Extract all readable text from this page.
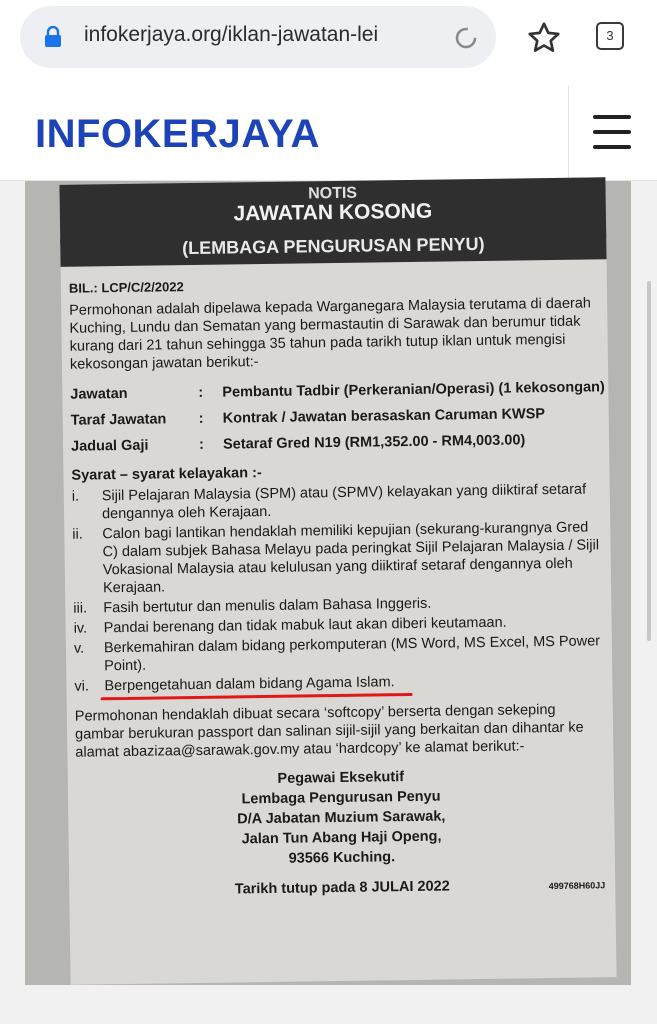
infokerjaya.org/iklan-jawatan-lei	3
INFOKERJAYA
NOTIS
JAWATAN KOSONG
(LEMBAGA PENGURUSAN PENYU)
BIL.: LCP/C/2/2022
Permohonan adalah dipelawa kepada Warganegara Malaysia terutama di daerah Kuching, Lundu dan Sematan yang bermastautin di Sarawak dan berumur tidak kurang dari 21 tahun sehingga 35 tahun pada tarikh tutup iklan untuk mengisi kekosongan jawatan berikut:-
Jawatan	:	Pembantu Tadbir (Perkeranian/Operasi) (1 kekosongan)
Taraf Jawatan	:	Kontrak / Jawatan berasaskan Caruman KWSP
Jadual Gaji	:	Setaraf Gred N19 (RM1,352.00 - RM4,003.00)
Syarat – syarat kelayakan :-
i.	Sijil Pelajaran Malaysia (SPM) atau (SPMV) kelayakan yang diiktiraf setaraf dengannya oleh Kerajaan.
ii.	Calon bagi lantikan hendaklah memiliki kepujian (sekurang-kurangnya Gred C) dalam subjek Bahasa Melayu pada peringkat Sijil Pelajaran Malaysia / Sijil Vokasional Malaysia atau kelulusan yang diiktiraf setaraf dengannya oleh Kerajaan.
iii.	Fasih bertutur dan menulis dalam Bahasa Inggeris.
iv.	Pandai berenang dan tidak mabuk laut akan diberi keutamaan.
v.	Berkemahiran dalam bidang perkomputeran (MS Word, MS Excel, MS Power Point).
vi.	Berpengetahuan dalam bidang Agama Islam.
Permohonan hendaklah dibuat secara ‘softcopy’ berserta dengan sekeping gambar berukuran passport dan salinan sijil-sijil yang berkaitan dan dihantar ke alamat abazizaa@sarawak.gov.my atau ‘hardcopy’ ke alamat berikut:-
Pegawai Eksekutif
Lembaga Pengurusan Penyu
D/A Jabatan Muzium Sarawak,
Jalan Tun Abang Haji Openg,
93566 Kuching.
Tarikh tutup pada 8 JULAI 2022	499768H60JJ
